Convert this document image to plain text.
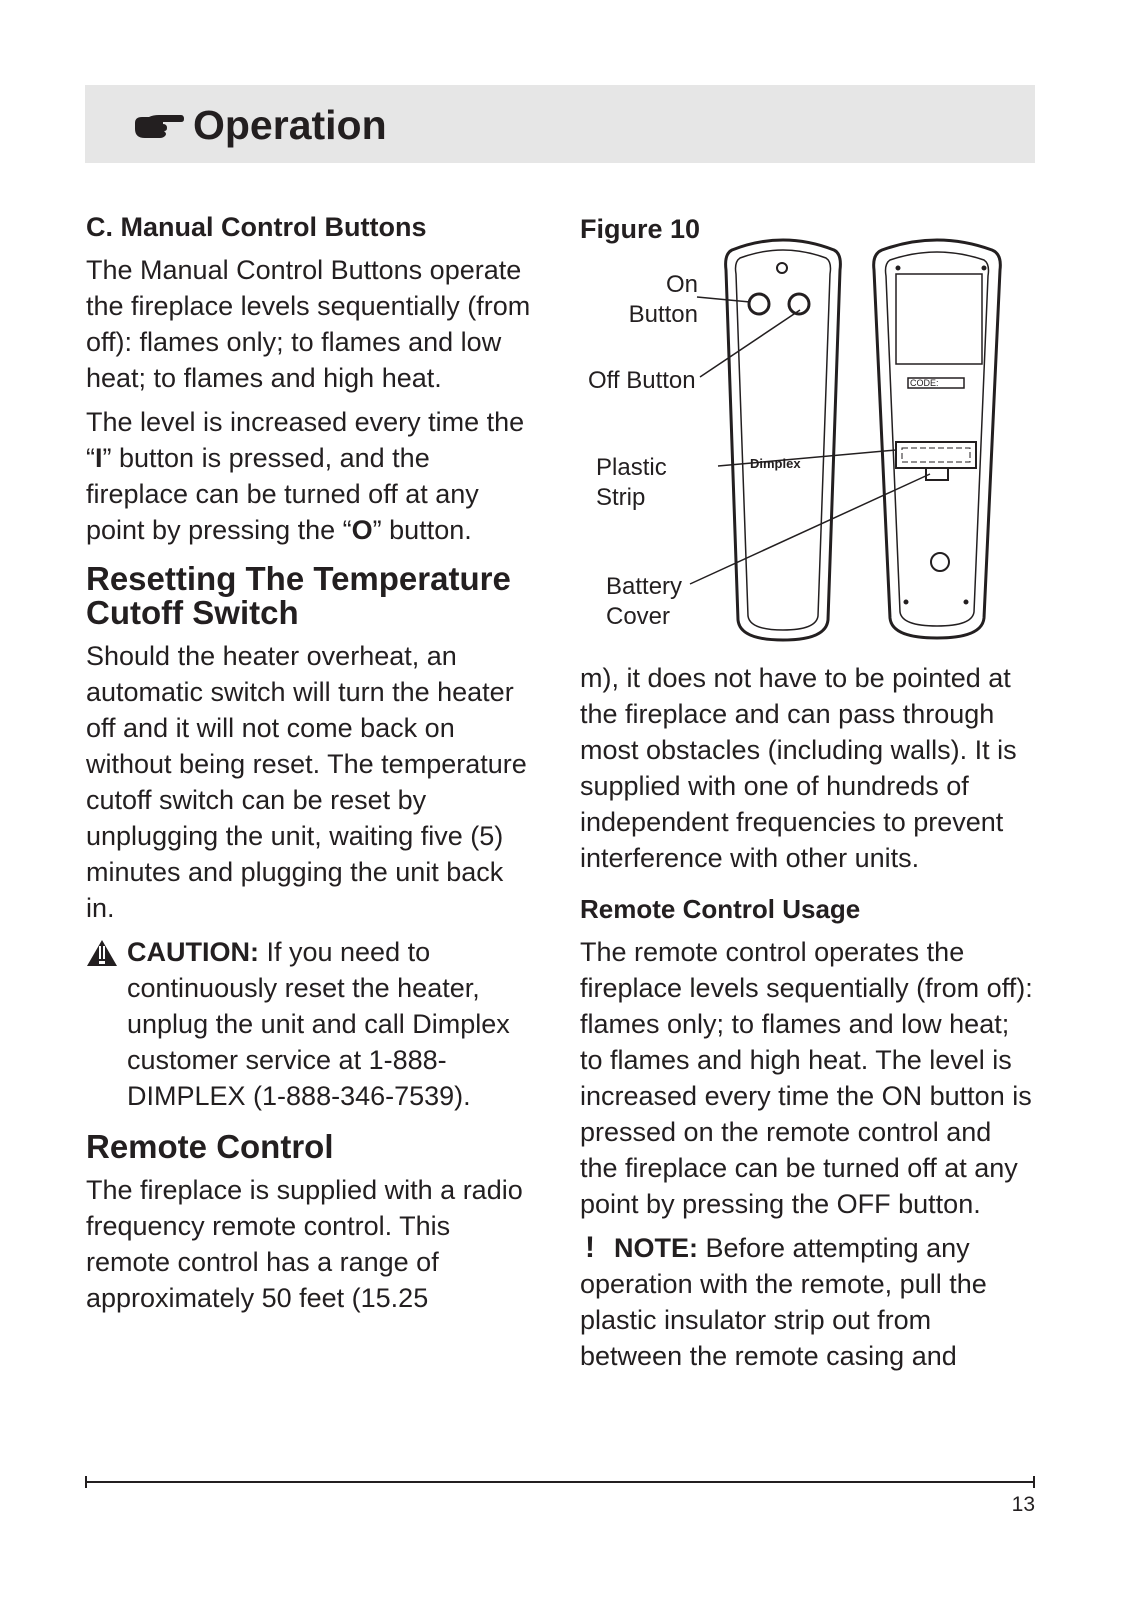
Operation
C. Manual Control Buttons

The Manual Control Buttons operate the fireplace levels sequentially (from off): flames only; to flames and low heat; to flames and high heat.

The level is increased every time the “I” button is pressed, and the fireplace can be turned off at any point by pressing the “O” button.

Resetting The Temperature Cutoff Switch

Should the heater overheat, an automatic switch will turn the heater off and it will not come back on without being reset. The temperature cutoff switch can be reset by unplugging the unit, waiting five (5) minutes and plugging the unit back in.

CAUTION: If you need to continuously reset the heater, unplug the unit and call Dimplex customer service at 1-888-DIMPLEX (1-888-346-7539).
Remote Control

The fireplace is supplied with a radio frequency remote control. This remote control has a range of approximately 50 feet (15.25

Figure 10
Dimplex
CODE:
On
Button
Off Button
Plastic
Strip
Battery
Cover

m), it does not have to be pointed at the fireplace and can pass through most obstacles (including walls). It is supplied with one of hundreds of independent frequencies to prevent interference with other units.

Remote Control Usage

The remote control operates the fireplace levels sequentially (from off): flames only; to flames and low heat; to flames and high heat. The level is increased every time the ON button is pressed on the remote control and the fireplace can be turned off at any point by pressing the OFF button.

! NOTE: Before attempting any operation with the remote, pull the plastic insulator strip out from between the remote casing and

13
